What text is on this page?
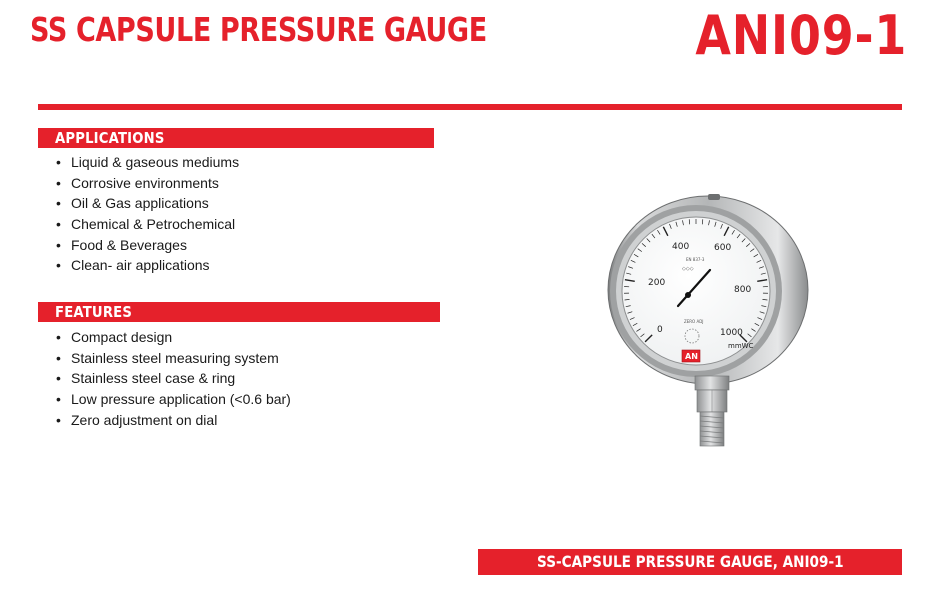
SS CAPSULE PRESSURE GAUGE	ANI09-1
APPLICATIONS
• Liquid & gaseous mediums
• Corrosive environments
• Oil & Gas applications
• Chemical & Petrochemical
• Food & Beverages
• Clean- air applications
FEATURES
• Compact design
• Stainless steel measuring system
• Stainless steel case & ring
• Low pressure application (<0.6 bar)
• Zero adjustment on dial
0
200
400	600
800
1000
mmWC
EN 837-3
◇◇◇
ZERO ADJ
AN
SS-CAPSULE PRESSURE GAUGE, ANI09-1
